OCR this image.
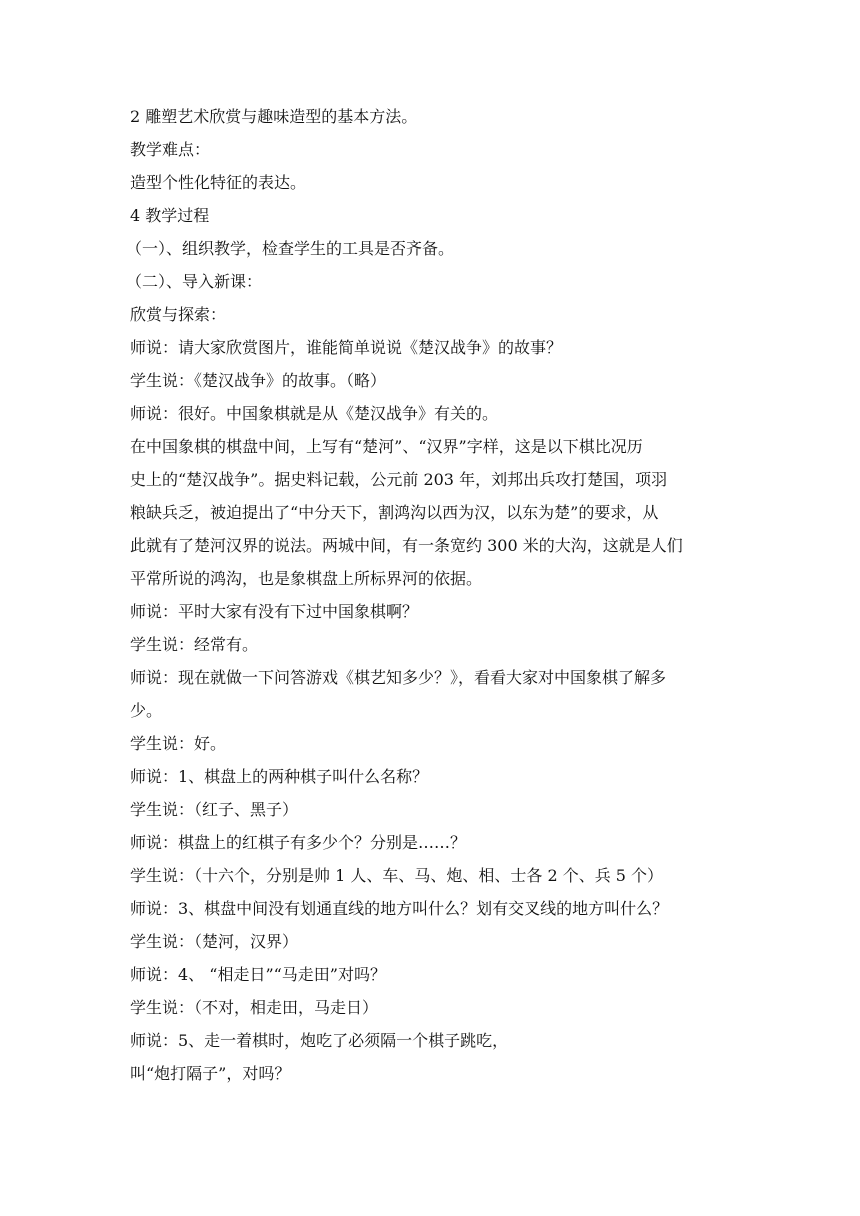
2 雕塑艺术欣赏与趣味造型的基本方法。
教学难点：
造型个性化特征的表达。
4 教学过程
（一）、组织教学，检查学生的工具是否齐备。
（二）、导入新课：
欣赏与探索：
师说：请大家欣赏图片，谁能简单说说《楚汉战争》的故事？
学生说：《楚汉战争》的故事。（略）
师说：很好。中国象棋就是从《楚汉战争》有关的。
在中国象棋的棋盘中间，上写有“楚河”、“汉界”字样，这是以下棋比况历
史上的“楚汉战争”。据史料记载，公元前 203 年，刘邦出兵攻打楚国，项羽
粮缺兵乏，被迫提出了“中分天下，割鸿沟以西为汉，以东为楚”的要求，从
此就有了楚河汉界的说法。两城中间，有一条宽约 300 米的大沟，这就是人们
平常所说的鸿沟，也是象棋盘上所标界河的依据。
师说：平时大家有没有下过中国象棋啊？
学生说：经常有。
师说：现在就做一下问答游戏《棋艺知多少？》，看看大家对中国象棋了解多
少。
学生说：好。
师说：1、棋盘上的两种棋子叫什么名称？
学生说：（红子、黑子）
师说：棋盘上的红棋子有多少个？分别是……？
学生说：（十六个，分别是帅 1 人、车、马、炮、相、士各 2 个、兵 5 个）
师说：3、棋盘中间没有划通直线的地方叫什么？划有交叉线的地方叫什么？
学生说：（楚河，汉界）
师说：4、 “相走日”“马走田”对吗？
学生说：（不对，相走田，马走日）
师说：5、走一着棋时，炮吃了必须隔一个棋子跳吃，
叫“炮打隔子”，对吗？
